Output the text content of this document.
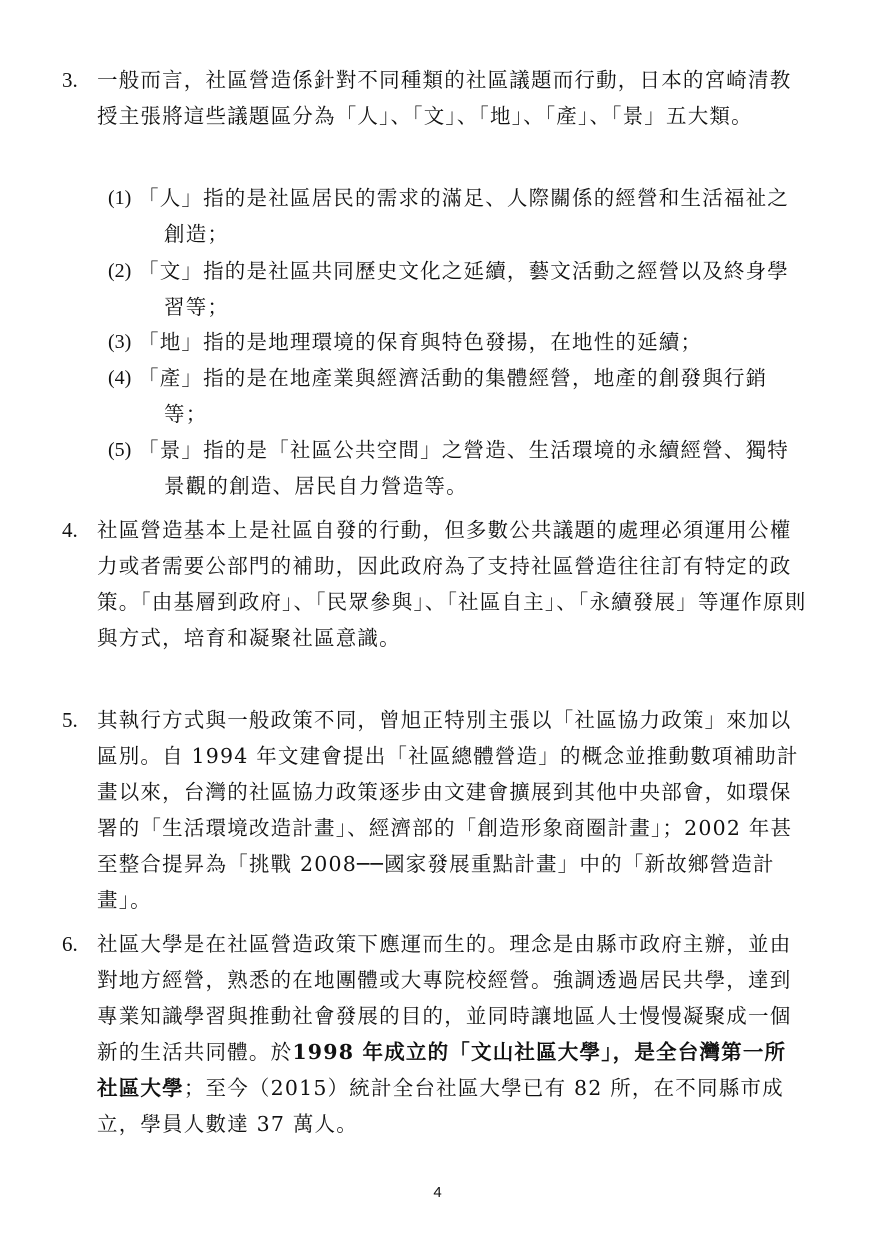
3. 一般而言，社區營造係針對不同種類的社區議題而行動，日本的宮崎清教授主張將這些議題區分為「人」、「文」、「地」、「產」、「景」五大類。
(1) 「人」指的是社區居民的需求的滿足、人際關係的經營和生活福祉之創造；
(2) 「文」指的是社區共同歷史文化之延續，藝文活動之經營以及終身學習等；
(3) 「地」指的是地理環境的保育與特色發揚，在地性的延續；
(4) 「產」指的是在地產業與經濟活動的集體經營，地產的創發與行銷等；
(5) 「景」指的是「社區公共空間」之營造、生活環境的永續經營、獨特景觀的創造、居民自力營造等。
4. 社區營造基本上是社區自發的行動，但多數公共議題的處理必須運用公權力或者需要公部門的補助，因此政府為了支持社區營造往往訂有特定的政策。「由基層到政府」、「民眾參與」、「社區自主」、「永續發展」等運作原則與方式，培育和凝聚社區意識。
5. 其執行方式與一般政策不同，曾旭正特別主張以「社區協力政策」來加以區別。自 1994 年文建會提出「社區總體營造」的概念並推動數項補助計畫以來，台灣的社區協力政策逐步由文建會擴展到其他中央部會，如環保署的「生活環境改造計畫」、經濟部的「創造形象商圈計畫」；2002 年甚至整合提昇為「挑戰 2008──國家發展重點計畫」中的「新故鄉營造計畫」。
6. 社區大學是在社區營造政策下應運而生的。理念是由縣市政府主辦，並由對地方經營，熟悉的在地團體或大專院校經營。強調透過居民共學，達到專業知識學習與推動社會發展的目的，並同時讓地區人士慢慢凝聚成一個新的生活共同體。於1998 年成立的「文山社區大學」，是全台灣第一所社區大學；至今（2015）統計全台社區大學已有 82 所，在不同縣市成立，學員人數達 37 萬人。
4
